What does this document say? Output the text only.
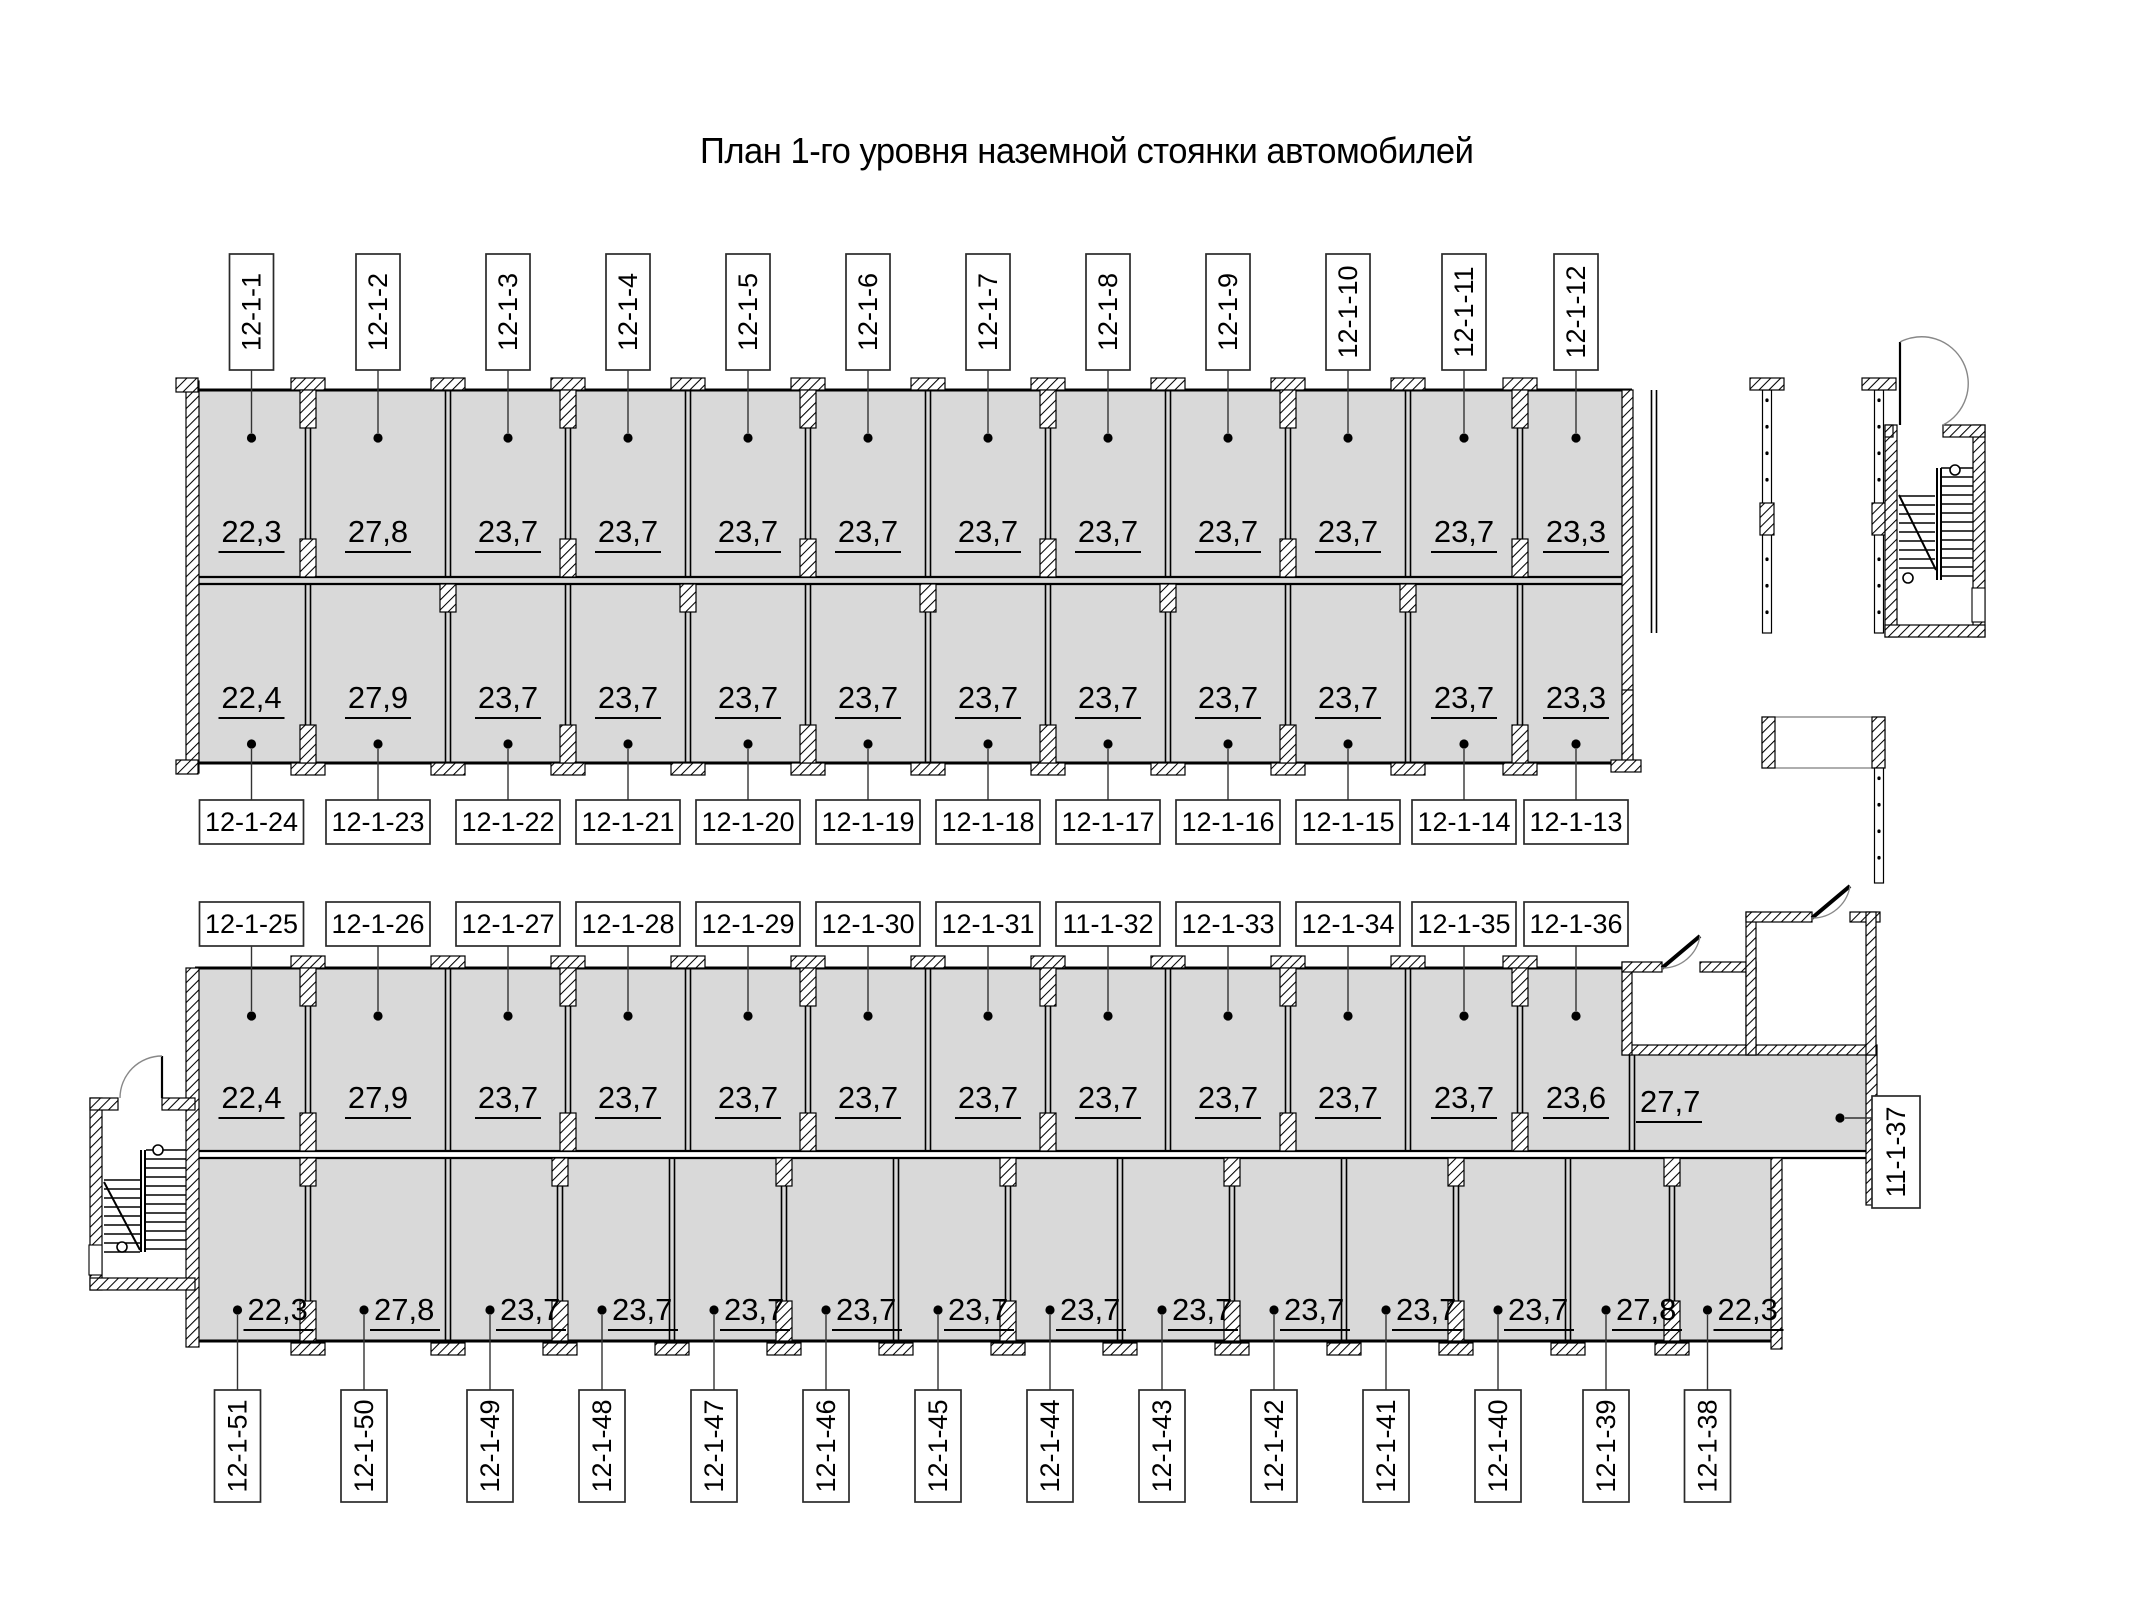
План 1-го уровня наземной стоянки автомобилей
12-1-1
22,3
12-1-2
27,8
12-1-3
23,7
12-1-4
23,7
12-1-5
23,7
12-1-6
23,7
12-1-7
23,7
12-1-8
23,7
12-1-9
23,7
12-1-10
23,7
12-1-11
23,7
12-1-12
23,3
22,4
12-1-24
27,9
12-1-23
23,7
12-1-22
23,7
12-1-21
23,7
12-1-20
23,7
12-1-19
23,7
12-1-18
23,7
12-1-17
23,7
12-1-16
23,7
12-1-15
23,7
12-1-14
23,3
12-1-13
12-1-25
22,4
12-1-26
27,9
12-1-27
23,7
12-1-28
23,7
12-1-29
23,7
12-1-30
23,7
12-1-31
23,7
11-1-32
23,7
12-1-33
23,7
12-1-34
23,7
12-1-35
23,7
12-1-36
23,6
22,3
12-1-51
27,8
12-1-50
23,7
12-1-49
23,7
12-1-48
23,7
12-1-47
23,7
12-1-46
23,7
12-1-45
23,7
12-1-44
23,7
12-1-43
23,7
12-1-42
23,7
12-1-41
23,7
12-1-40
27,8
12-1-39
22,3
12-1-38
27,7
11-1-37
